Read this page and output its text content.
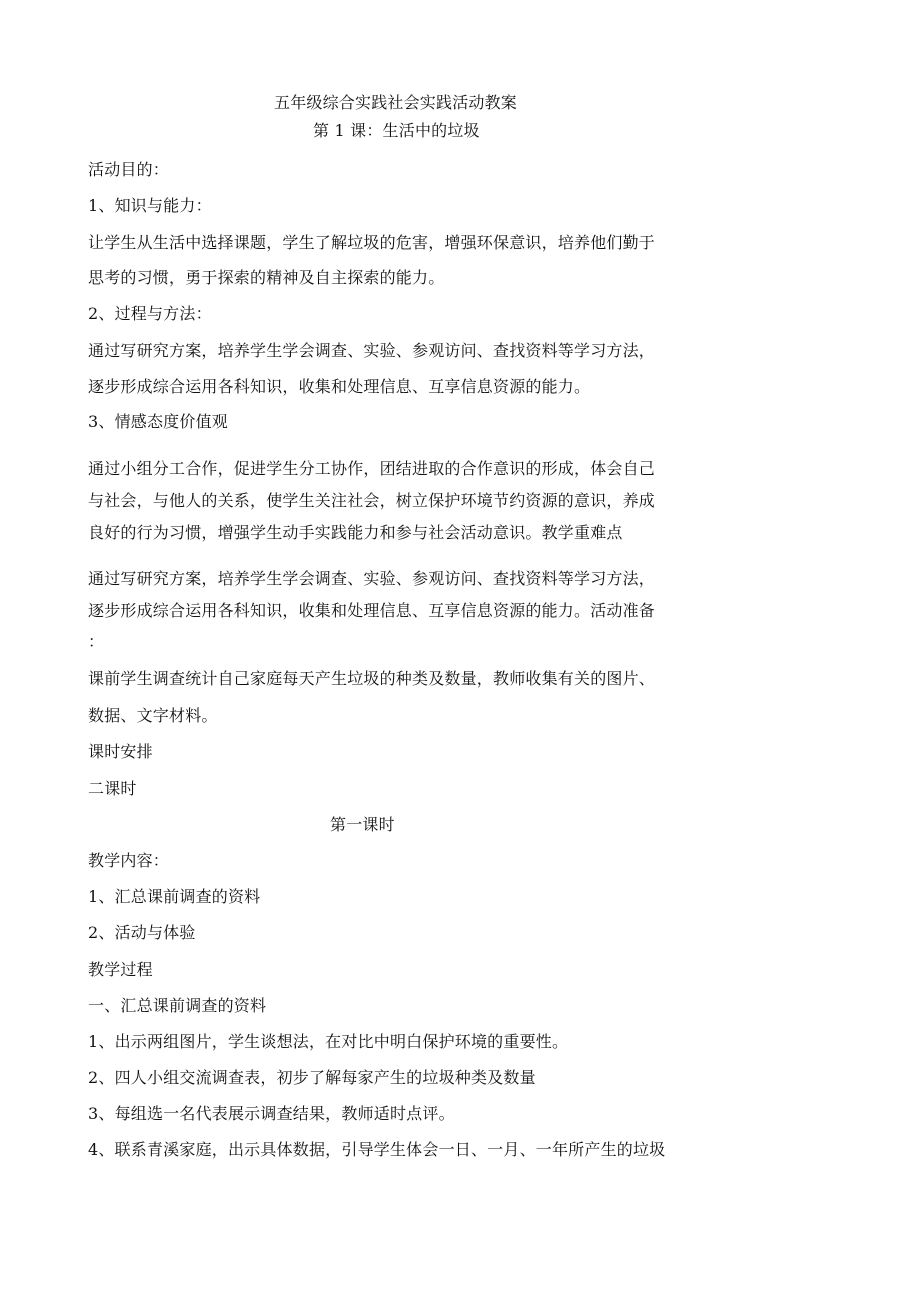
五年级综合实践社会实践活动教案
第 1 课：生活中的垃圾
活动目的：
1、知识与能力：
让学生从生活中选择课题，学生了解垃圾的危害，增强环保意识，培养他们勤于
思考的习惯，勇于探索的精神及自主探索的能力。
2、过程与方法：
通过写研究方案，培养学生学会调查、实验、参观访问、查找资料等学习方法，
逐步形成综合运用各科知识，收集和处理信息、互享信息资源的能力。
3、情感态度价值观
通过小组分工合作，促进学生分工协作，团结进取的合作意识的形成，体会自己
与社会，与他人的关系，使学生关注社会，树立保护环境节约资源的意识，养成
良好的行为习惯，增强学生动手实践能力和参与社会活动意识。教学重难点
通过写研究方案，培养学生学会调查、实验、参观访问、查找资料等学习方法，
逐步形成综合运用各科知识，收集和处理信息、互享信息资源的能力。活动准备
：
课前学生调查统计自己家庭每天产生垃圾的种类及数量，教师收集有关的图片、
数据、文字材料。
课时安排
二课时
第一课时
教学内容：
1、汇总课前调查的资料
2、活动与体验
教学过程
一、汇总课前调查的资料
1、出示两组图片，学生谈想法，在对比中明白保护环境的重要性。
2、四人小组交流调查表，初步了解每家产生的垃圾种类及数量
3、每组选一名代表展示调查结果，教师适时点评。
4、联系青溪家庭，出示具体数据，引导学生体会一日、一月、一年所产生的垃圾
